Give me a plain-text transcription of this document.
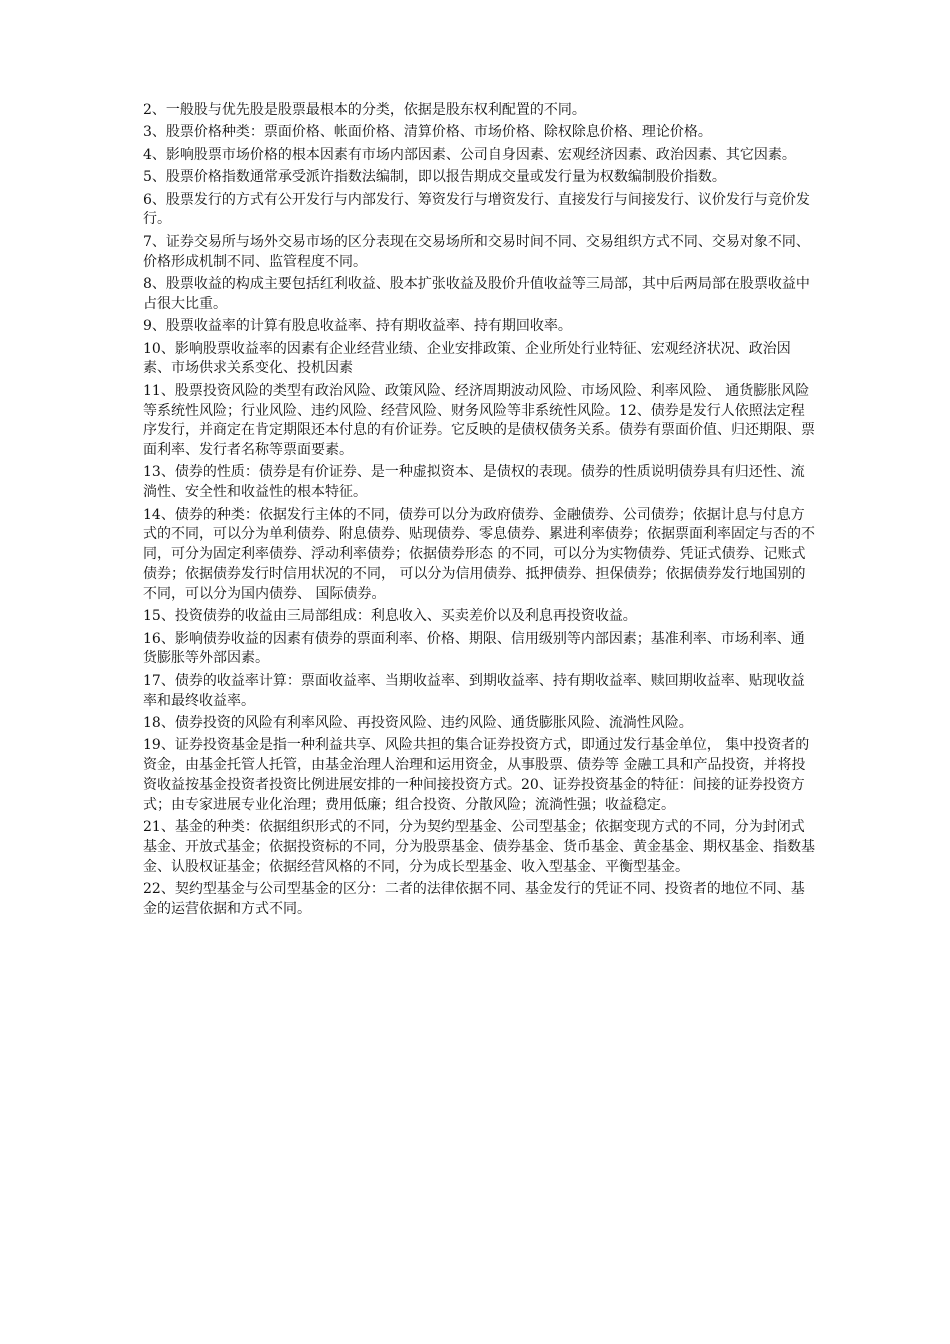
2、一般股与优先股是股票最根本的分类，依据是股东权利配置的不同。

3、股票价格种类：票面价格、帐面价格、清算价格、市场价格、除权除息价格、理论价格。

4、影响股票市场价格的根本因素有市场内部因素、公司自身因素、宏观经济因素、政治因素、其它因素。

5、股票价格指数通常承受派许指数法编制，即以报告期成交量或发行量为权数编制股价指数。

6、股票发行的方式有公开发行与内部发行、筹资发行与增资发行、直接发行与间接发行、议价发行与竞价发行。

7、证券交易所与场外交易市场的区分表现在交易场所和交易时间不同、交易组织方式不同、交易对象不同、价格形成机制不同、监管程度不同。

8、股票收益的构成主要包括红利收益、股本扩张收益及股价升值收益等三局部，其中后两局部在股票收益中占很大比重。

9、股票收益率的计算有股息收益率、持有期收益率、持有期回收率。

10、影响股票收益率的因素有企业经营业绩、企业安排政策、企业所处行业特征、宏观经济状况、政治因素、市场供求关系变化、投机因素

11、股票投资风险的类型有政治风险、政策风险、经济周期波动风险、市场风险、利率风险、 通货膨胀风险等系统性风险；行业风险、违约风险、经营风险、财务风险等非系统性风险。12、债券是发行人依照法定程序发行，并商定在肯定期限还本付息的有价证券。它反映的是债权债务关系。债券有票面价值、归还期限、票面利率、发行者名称等票面要素。

13、债券的性质：债券是有价证券、是一种虚拟资本、是债权的表现。债券的性质说明债券具有归还性、流淌性、安全性和收益性的根本特征。

14、债券的种类：依据发行主体的不同，债券可以分为政府债券、金融债券、公司债券；依据计息与付息方式的不同，可以分为单利债券、附息债券、贴现债券、零息债券、累进利率债券；依据票面利率固定与否的不同，可分为固定利率债券、浮动利率债券；依据债券形态 的不同，可以分为实物债券、凭证式债券、记账式债券；依据债券发行时信用状况的不同， 可以分为信用债券、抵押债券、担保债券；依据债券发行地国别的不同，可以分为国内债券、 国际债券。

15、投资债券的收益由三局部组成：利息收入、买卖差价以及利息再投资收益。

16、影响债券收益的因素有债券的票面利率、价格、期限、信用级别等内部因素；基准利率、市场利率、通货膨胀等外部因素。

17、债券的收益率计算：票面收益率、当期收益率、到期收益率、持有期收益率、赎回期收益率、贴现收益率和最终收益率。

18、债券投资的风险有利率风险、再投资风险、违约风险、通货膨胀风险、流淌性风险。

19、证券投资基金是指一种利益共享、风险共担的集合证券投资方式，即通过发行基金单位， 集中投资者的资金，由基金托管人托管，由基金治理人治理和运用资金，从事股票、债券等 金融工具和产品投资，并将投资收益按基金投资者投资比例进展安排的一种间接投资方式。20、证券投资基金的特征：间接的证券投资方式；由专家进展专业化治理；费用低廉；组合投资、分散风险；流淌性强；收益稳定。

21、基金的种类：依据组织形式的不同，分为契约型基金、公司型基金；依据变现方式的不同，分为封闭式基金、开放式基金；依据投资标的不同，分为股票基金、债券基金、货币基金、黄金基金、期权基金、指数基金、认股权证基金；依据经营风格的不同，分为成长型基金、收入型基金、平衡型基金。

22、契约型基金与公司型基金的区分：二者的法律依据不同、基金发行的凭证不同、投资者的地位不同、基金的运营依据和方式不同。
